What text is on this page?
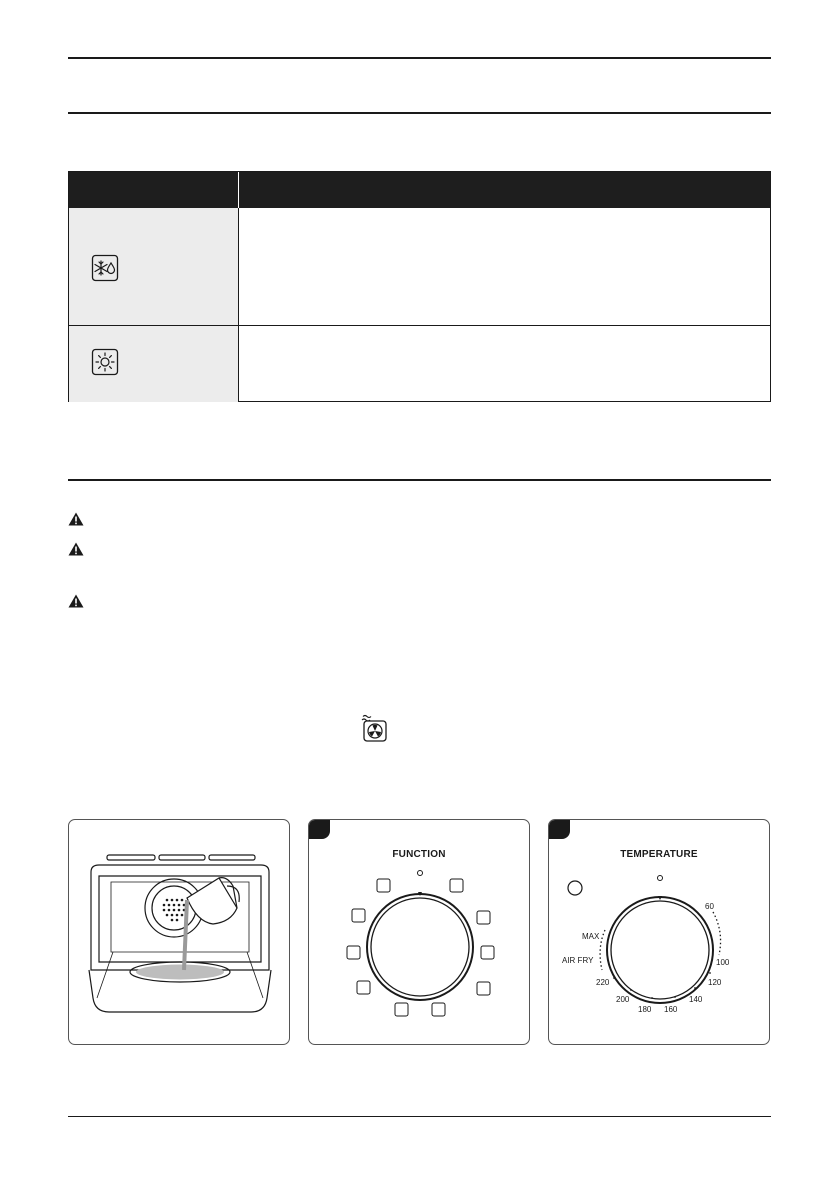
FUNCTION	TEMPERATURE
60
100
120
140
160
180
200
220
AIR FRY
MAX
